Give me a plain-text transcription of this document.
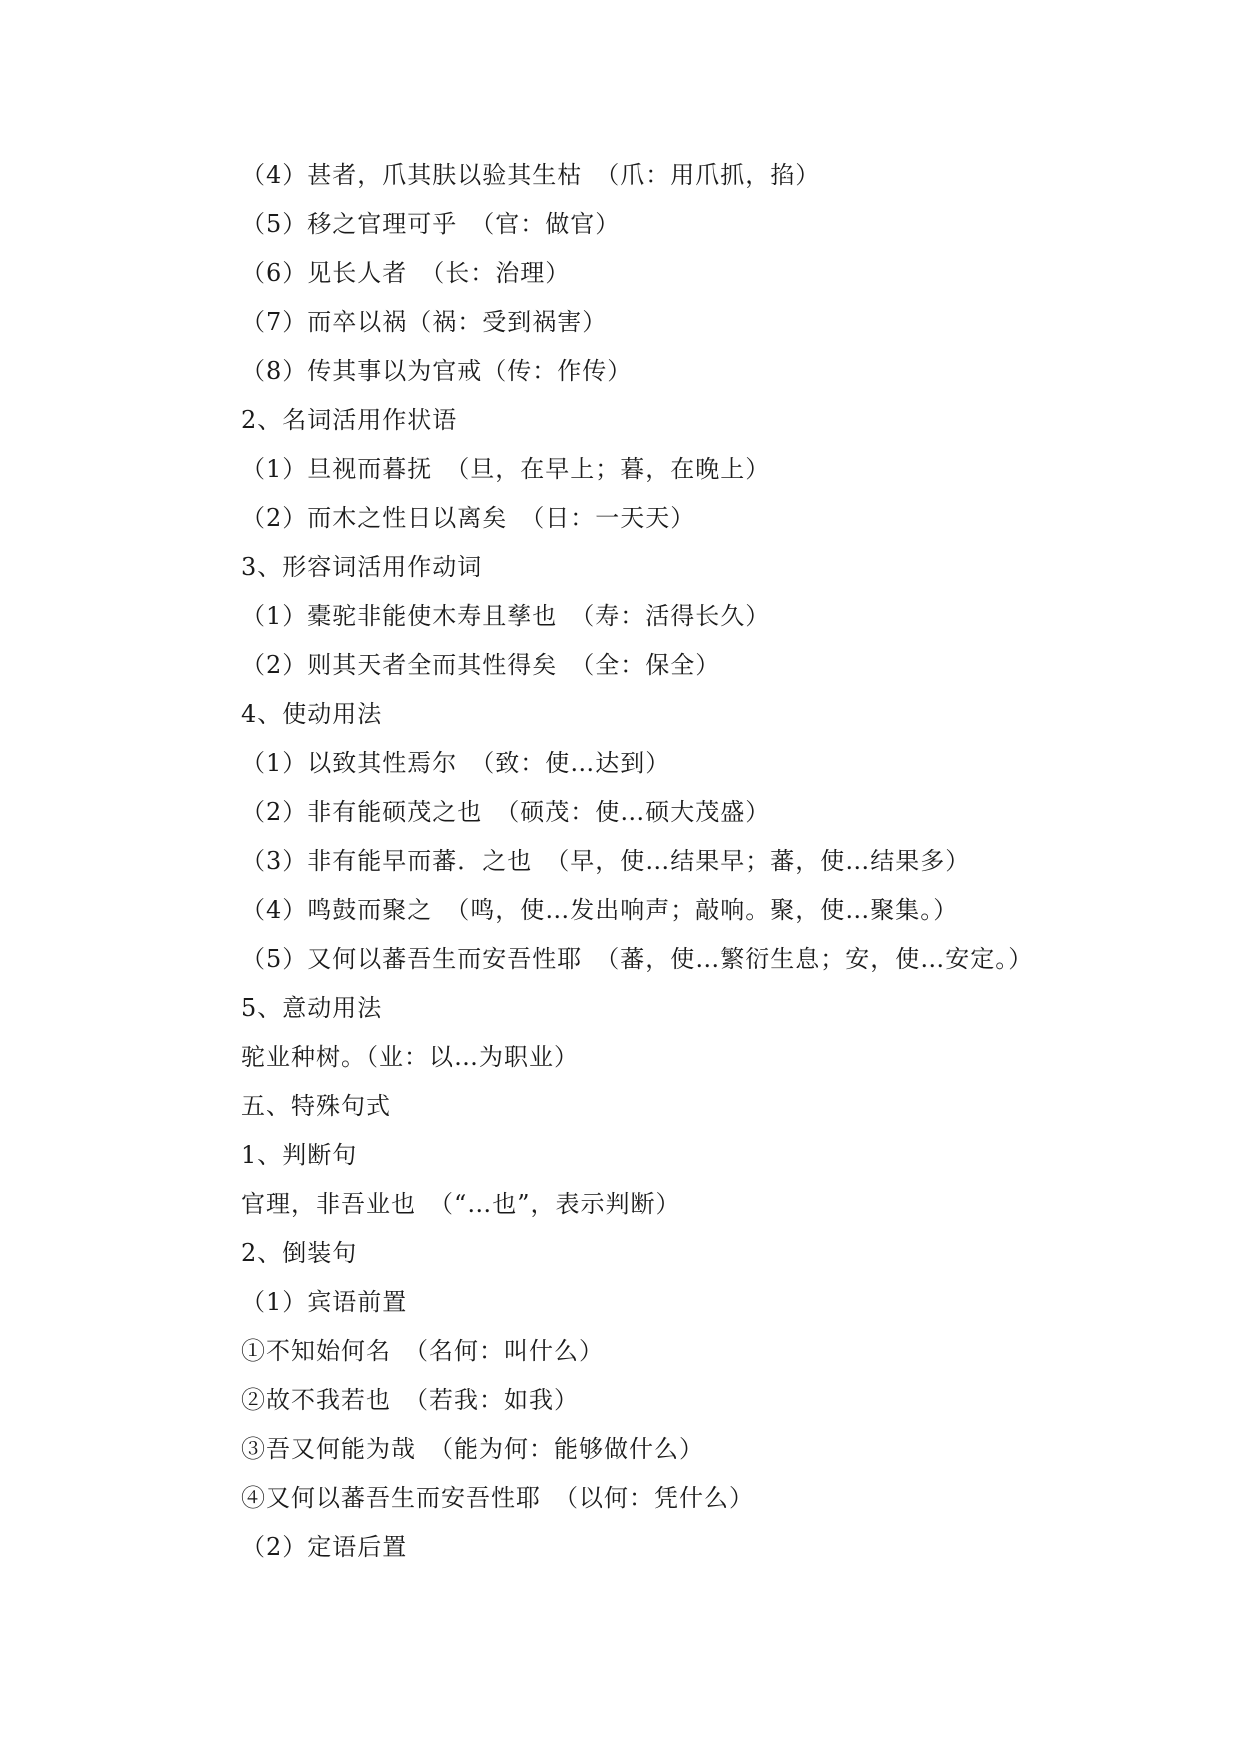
（4）甚者，爪其肤以验其生枯　（爪：用爪抓，掐）
（5）移之官理可乎　（官：做官）
（6）见长人者　（长：治理）
（7）而卒以祸（祸：受到祸害）
（8）传其事以为官戒（传：作传）
2、名词活用作状语
（1）旦视而暮抚　（旦，在早上；暮，在晚上）
（2）而木之性日以离矣　（日：一天天）
3、形容词活用作动词
（1）橐驼非能使木寿且孳也　（寿：活得长久）
（2）则其天者全而其性得矣　（全：保全）
4、使动用法
（1）以致其性焉尔　（致：使…达到）
（2）非有能硕茂之也　（硕茂：使…硕大茂盛）
（3）非有能早而蕃．之也　（早，使…结果早；蕃，使…结果多）
（4）鸣鼓而聚之　（鸣，使…发出响声；敲响。聚，使…聚集。）
（5）又何以蕃吾生而安吾性耶　（蕃，使…繁衍生息；安，使…安定。）
5、意动用法
驼业种树。（业：以…为职业）
五、特殊句式
1、判断句
官理，非吾业也　（“…也”，表示判断）
2、倒装句
（1）宾语前置
①不知始何名　（名何：叫什么）
②故不我若也　（若我：如我）
③吾又何能为哉　（能为何：能够做什么）
④又何以蕃吾生而安吾性耶　（以何：凭什么）
（2）定语后置
